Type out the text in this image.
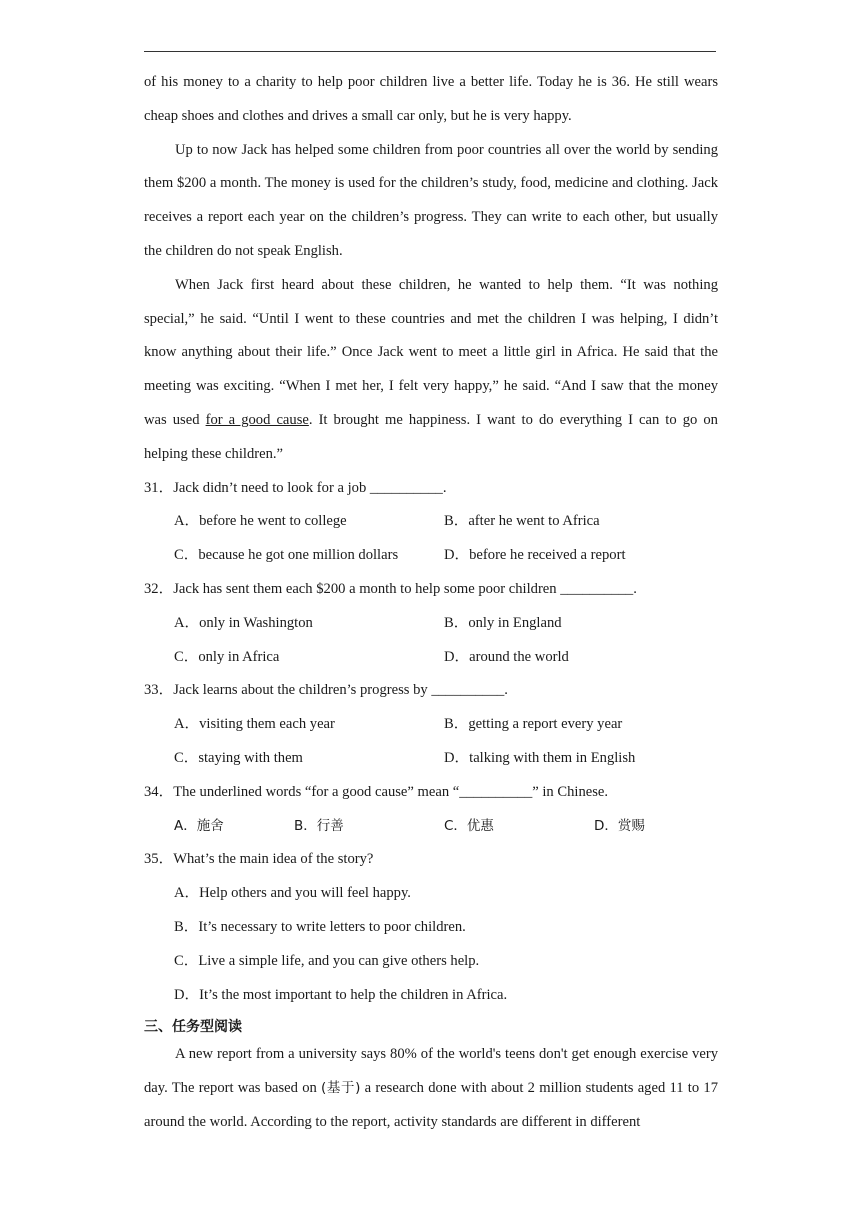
of his money to a charity to help poor children live a better life. Today he is 36. He still wears cheap shoes and clothes and drives a small car only, but he is very happy.

Up to now Jack has helped some children from poor countries all over the world by sending them $200 a month. The money is used for the children’s study, food, medicine and clothing. Jack receives a report each year on the children’s progress. They can write to each other, but usually the children do not speak English.

When Jack first heard about these children, he wanted to help them. “It was nothing special,” he said. “Until I went to these countries and met the children I was helping, I didn’t know anything about their life.” Once Jack went to meet a little girl in Africa. He said that the meeting was exciting. “When I met her, I felt very happy,” he said. “And I saw that the money was used for a good cause. It brought me happiness. I want to do everything I can to go on helping these children.”

31．Jack didn’t need to look for a job __________.

A．before he went to college	B．after he went to Africa
C．because he got one million dollars	D．before he received a report

32．Jack has sent them each $200 a month to help some poor children __________.

A．only in Washington	B．only in England
C．only in Africa	D．around the world

33．Jack learns about the children’s progress by __________.

A．visiting them each year	B．getting a report every year
C．staying with them	D．talking with them in English

34．The underlined words “for a good cause” mean “__________” in Chinese.

A．施舍	B．行善	C．优惠	D．赏赐

35．What’s the main idea of the story?

A．Help others and you will feel happy.
B．It’s necessary to write letters to poor children.
C．Live a simple life, and you can give others help.
D．It’s the most important to help the children in Africa.

三、任务型阅读

A new report from a university says 80% of the world's teens don't get enough exercise very day. The report was based on (基于) a research done with about 2 million students aged 11 to 17 around the world. According to the report, activity standards are different in different
